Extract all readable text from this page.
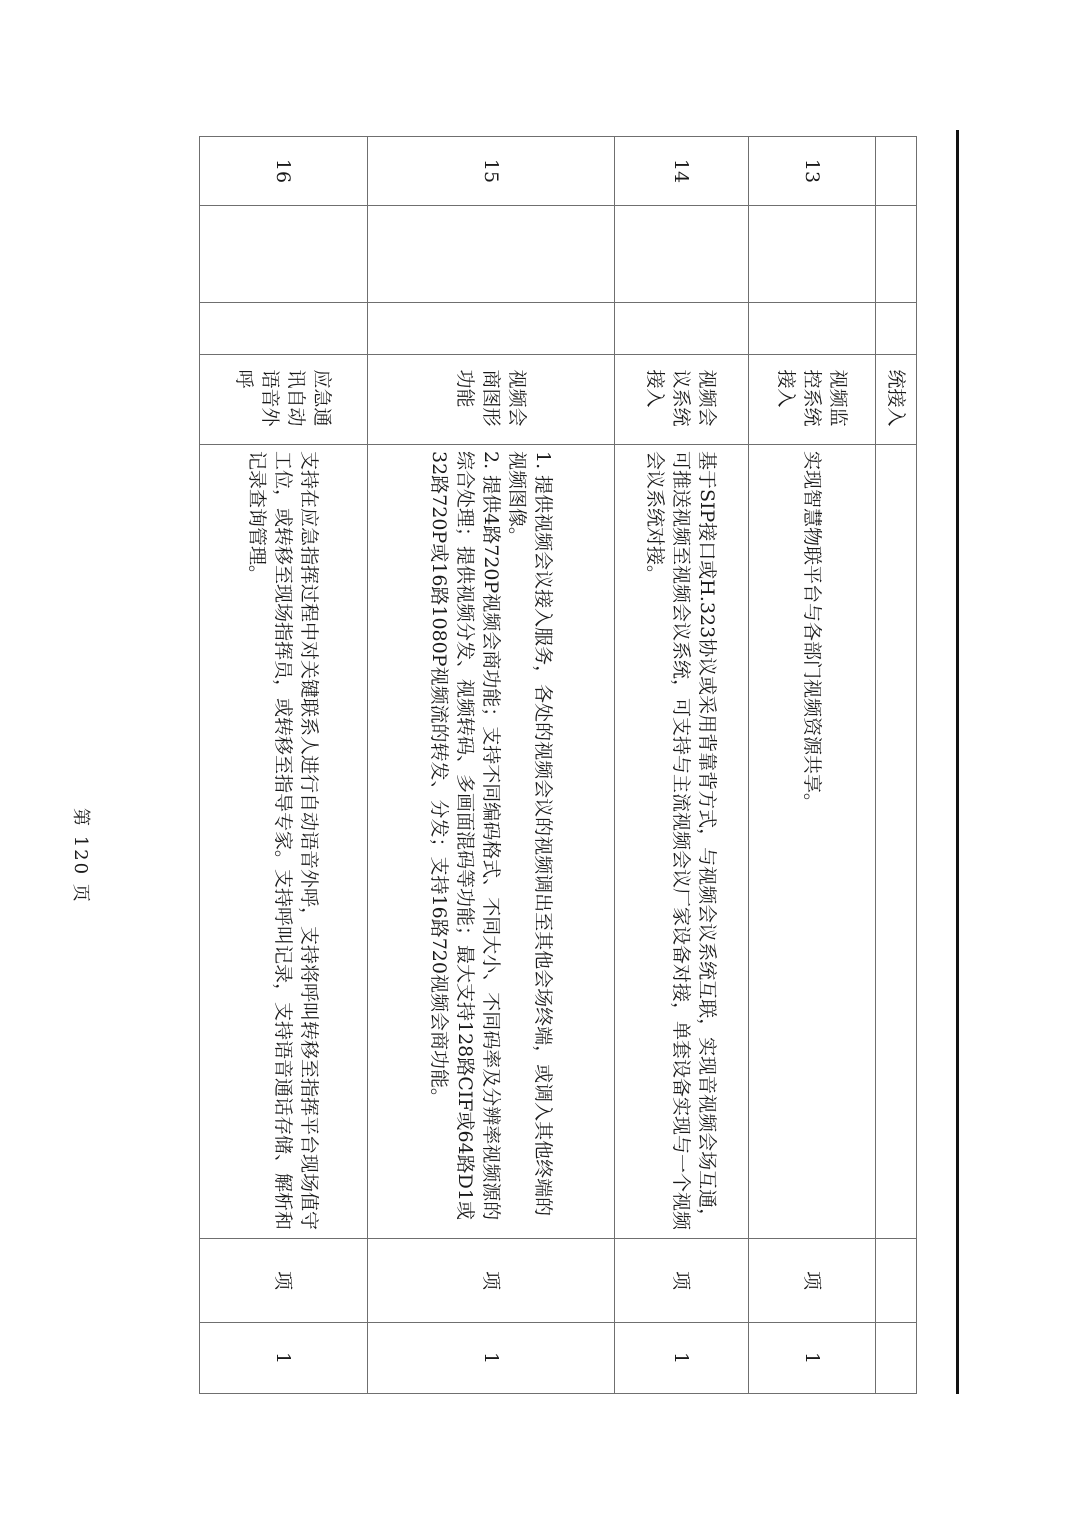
			统接入			
13			视频监控系统接入	实现智慧物联平台与各部门视频资源共享。	项	1
14			视频会议系统接入	基于SIP接口或H.323协议或采用背靠背方式，与视频会议系统互联，实现音视频会场互通，可推送视频至视频会议系统，可支持与主流视频会议厂家设备对接，单套设备实现与一个视频会议系统对接。	项	1
15			视频会商图形功能	1. 提供视频会议接入服务，各处的视频会议的视频调出至其他会场终端，或调入其他终端的视频图像。

2. 提供4路720P视频会商功能；支持不同编码格式、不同大小、不同码率及分辨率视频源的综合处理；提供视频分发、视频转码、多画面混码等功能；最大支持128路CIF或64路D1或32路720P或16路1080P视频流的转发、分发；支持16路720视频会商功能。	项	1
16			应急通讯自动语音外呼	支持在应急指挥过程中对关键联系人进行自动语音外呼，支持将呼叫转移至指挥平台现场值守工位，或转移至现场指挥员，或转移至指导专家。支持呼叫记录，支持语音通话存储、解析和记录查询管理。	项	1
第 120 页
